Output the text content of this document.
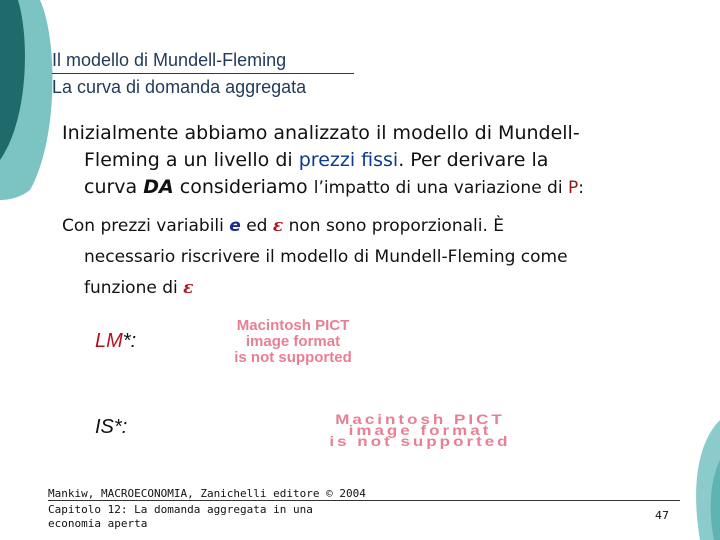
Il modello di Mundell-Fleming
La curva di domanda aggregata
Inizialmente abbiamo analizzato il modello di Mundell-
Fleming a un livello di prezzi fissi. Per derivare la
curva DA consideriamo l’impatto di una variazione di P:
Con prezzi variabili e ed ε non sono proporzionali. È
necessario riscrivere il modello di Mundell-Fleming come
funzione di ε
LM*:
Macintosh PICT
image format
is not supported
IS*:	Macintosh PICT
image format
is not supported
Mankiw, MACROECONOMIA, Zanichelli editore © 2004
Capitolo 12: La domanda aggregata in una economia aperta
47
